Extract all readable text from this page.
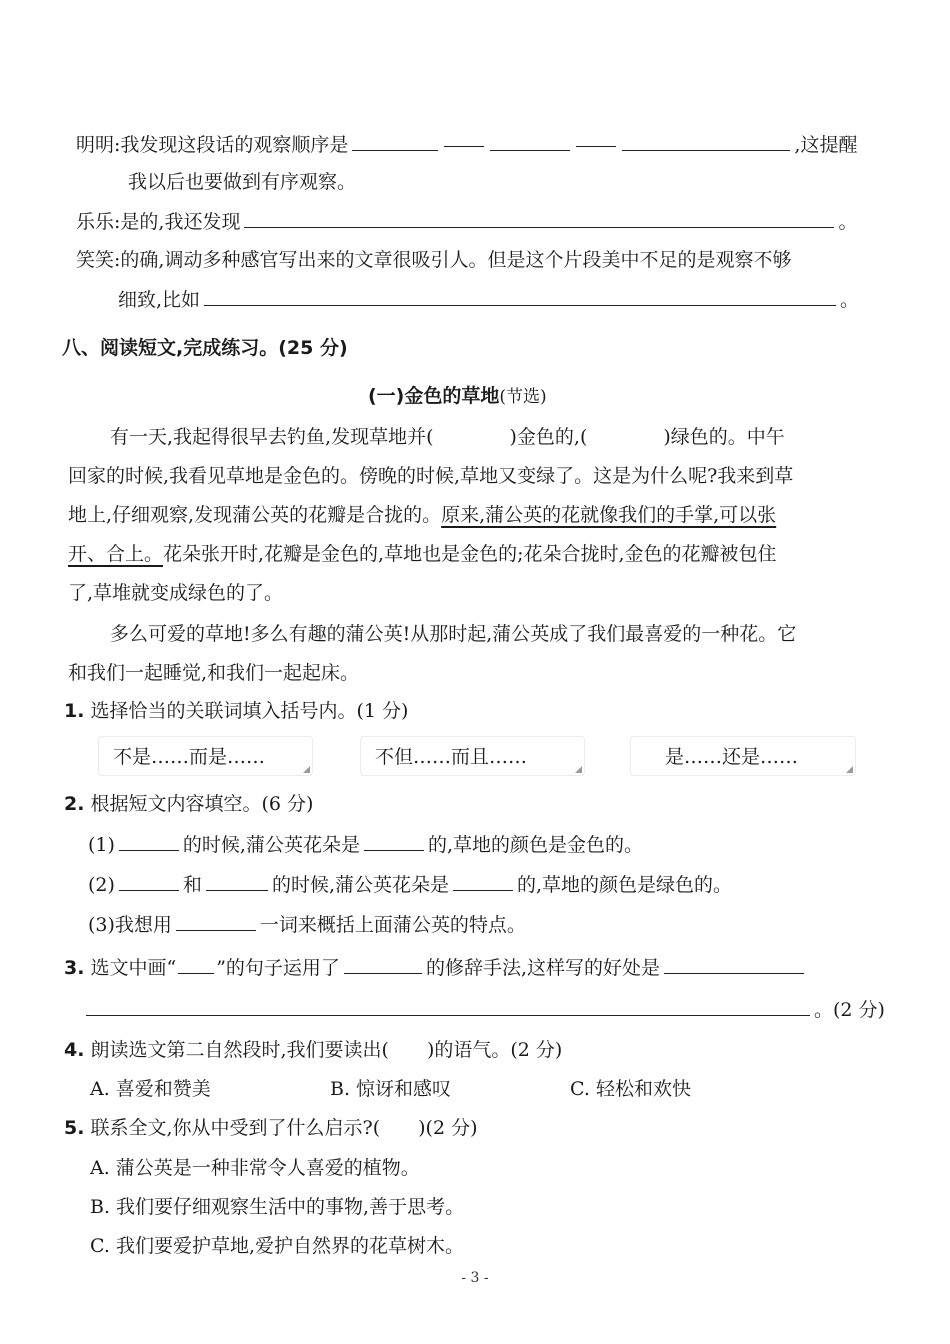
明明:我发现这段话的观察顺序是	,这提醒
我以后也要做到有序观察。
乐乐:是的,我还发现	。
笑笑:的确,调动多种感官写出来的文章很吸引人。但是这个片段美中不足的是观察不够
细致,比如	。
八、阅读短文,完成练习。(25 分)
(一)金色的草地(节选)
有一天,我起得很早去钓鱼,发现草地并(　　　　)金色的,(　　　　)绿色的。中午
回家的时候,我看见草地是金色的。傍晚的时候,草地又变绿了。这是为什么呢?我来到草
地上,仔细观察,发现蒲公英的花瓣是合拢的。原来,蒲公英的花就像我们的手掌,可以张
开、合上。花朵张开时,花瓣是金色的,草地也是金色的;花朵合拢时,金色的花瓣被包住
了,草堆就变成绿色的了。
多么可爱的草地!多么有趣的蒲公英!从那时起,蒲公英成了我们最喜爱的一种花。它
和我们一起睡觉,和我们一起起床。
1. 选择恰当的关联词填入括号内。(1 分)
不是……而是……	不但……而且……	是……还是……
2. 根据短文内容填空。(6 分)
(1)	的时候,蒲公英花朵是	的,草地的颜色是金色的。
(2)	和	的时候,蒲公英花朵是	的,草地的颜色是绿色的。
(3)我想用	一词来概括上面蒲公英的特点。
3. 选文中画“ ”的句子运用了	的修辞手法,这样写的好处是
。(2 分)
4. 朗读选文第二自然段时,我们要读出(　　)的语气。(2 分)
A. 喜爱和赞美	B. 惊讶和感叹	C. 轻松和欢快
5. 联系全文,你从中受到了什么启示?(　　)(2 分)
A. 蒲公英是一种非常令人喜爱的植物。
B. 我们要仔细观察生活中的事物,善于思考。
C. 我们要爱护草地,爱护自然界的花草树木。
- 3 -
